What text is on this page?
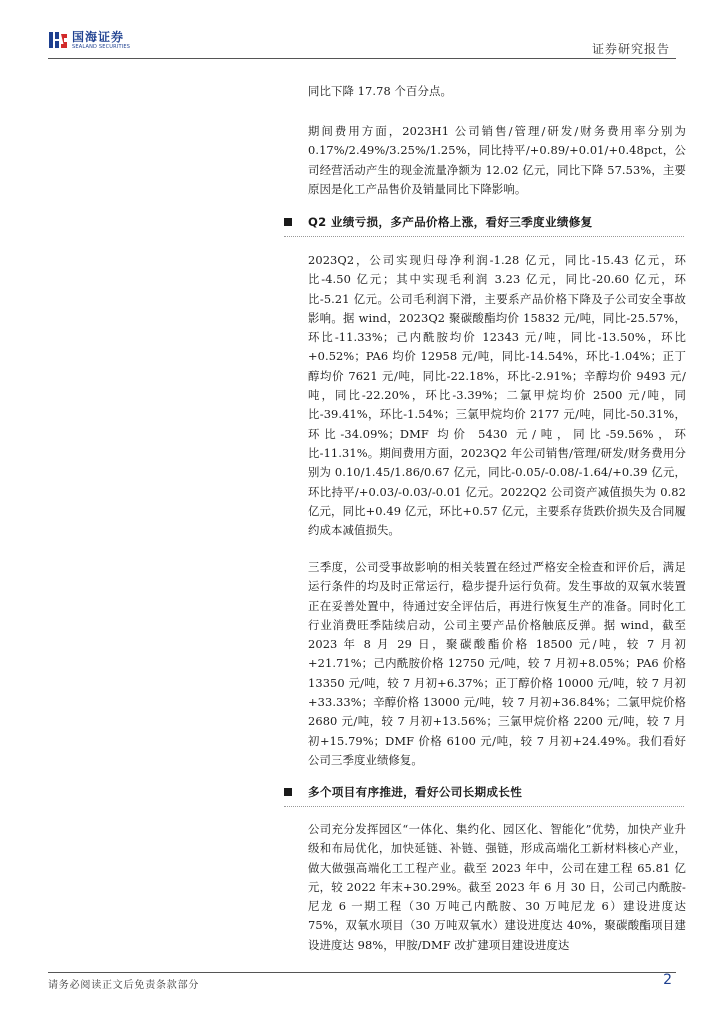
国海证券
SEALAND SECURITIES	证券研究报告

同比下降 17.78 个百分点。

期间费用方面，2023H1 公司销售/管理/研发/财务费用率分别为 0.17%/2.49%/3.25%/1.25%，同比持平/+0.89/+0.01/+0.48pct，公司经营活动产生的现金流量净额为 12.02 亿元，同比下降 57.53%，主要原因是化工产品售价及销量同比下降影响。

Q2 业绩亏损，多产品价格上涨，看好三季度业绩修复

2023Q2，公司实现归母净利润-1.28 亿元，同比-15.43 亿元，环比-4.50 亿元；其中实现毛利润 3.23 亿元，同比-20.60 亿元，环比-5.21 亿元。公司毛利润下滑，主要系产品价格下降及子公司安全事故影响。据 wind，2023Q2 聚碳酸酯均价 15832 元/吨，同比-25.57%，环比-11.33%；己内酰胺均价 12343 元/吨，同比-13.50%，环比+0.52%；PA6 均价 12958 元/吨，同比-14.54%，环比-1.04%；正丁醇均价 7621 元/吨，同比-22.18%，环比-2.91%；辛醇均价 9493 元/吨，同比-22.20%，环比-3.39%；二氯甲烷均价 2500 元/吨，同比-39.41%，环比-1.54%；三氯甲烷均价 2177 元/吨，同比-50.31%，环比-34.09%；DMF 均价 5430 元/吨，同比-59.56%，环比-11.31%。期间费用方面，2023Q2 年公司销售/管理/研发/财务费用分别为 0.10/1.45/1.86/0.67 亿元，同比-0.05/-0.08/-1.64/+0.39 亿元，环比持平/+0.03/-0.03/-0.01 亿元。2022Q2 公司资产减值损失为 0.82 亿元，同比+0.49 亿元，环比+0.57 亿元，主要系存货跌价损失及合同履约成本减值损失。

三季度，公司受事故影响的相关装置在经过严格安全检查和评价后，满足运行条件的均及时正常运行，稳步提升运行负荷。发生事故的双氧水装置正在妥善处置中，待通过安全评估后，再进行恢复生产的准备。同时化工行业消费旺季陆续启动，公司主要产品价格触底反弹。据 wind，截至 2023 年 8 月 29 日，聚碳酸酯价格 18500 元/吨，较 7 月初+21.71%；己内酰胺价格 12750 元/吨，较 7 月初+8.05%；PA6 价格 13350 元/吨，较 7 月初+6.37%；正丁醇价格 10000 元/吨，较 7 月初+33.33%；辛醇价格 13000 元/吨，较 7 月初+36.84%；二氯甲烷价格 2680 元/吨，较 7 月初+13.56%；三氯甲烷价格 2200 元/吨，较 7 月初+15.79%；DMF 价格 6100 元/吨，较 7 月初+24.49%。我们看好公司三季度业绩修复。

多个项目有序推进，看好公司长期成长性

公司充分发挥园区“一体化、集约化、园区化、智能化”优势，加快产业升级和布局优化，加快延链、补链、强链，形成高端化工新材料核心产业，做大做强高端化工工程产业。截至 2023 年中，公司在建工程 65.81 亿元，较 2022 年末+30.29%。截至 2023 年 6 月 30 日，公司己内酰胺-尼龙 6 一期工程（30 万吨己内酰胺、30 万吨尼龙 6）建设进度达 75%，双氧水项目（30 万吨双氧水）建设进度达 40%，聚碳酸酯项目建设进度达 98%，甲胺/DMF 改扩建项目建设进度达

请务必阅读正文后免责条款部分	2
